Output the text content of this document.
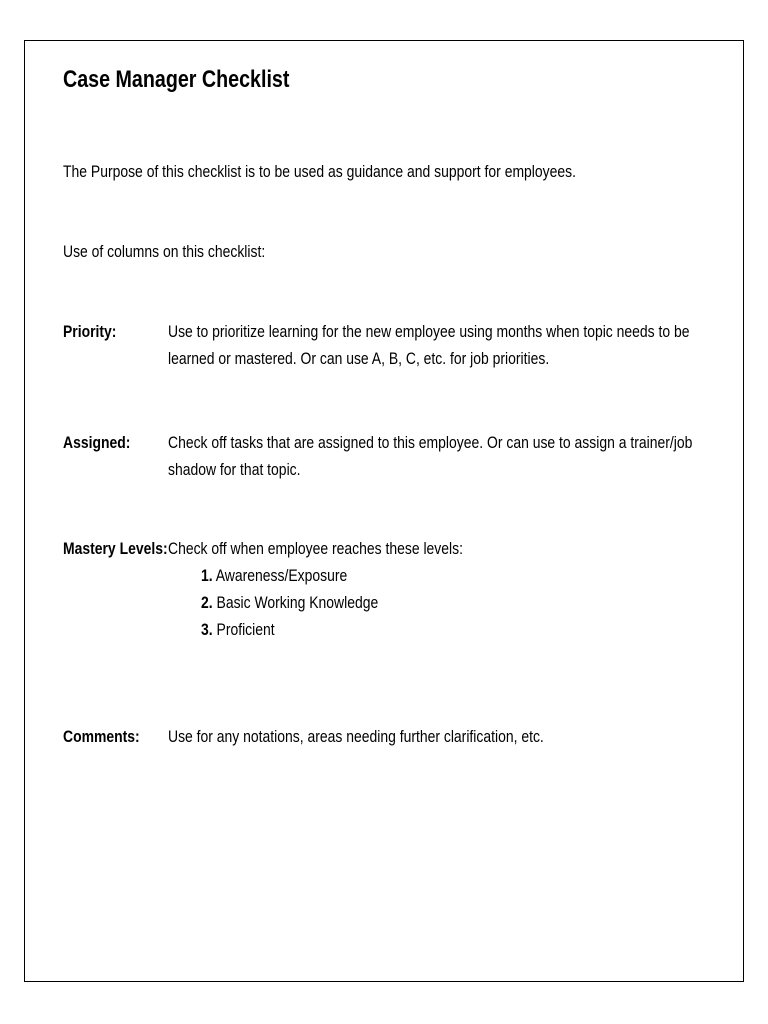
Case Manager Checklist
The Purpose of this checklist is to be used as guidance and support for employees.
Use of columns on this checklist:
Priority:	Use to prioritize learning for the new employee using months when topic needs to be
learned or mastered. Or can use A, B, C, etc. for job priorities.
Assigned:	Check off tasks that are assigned to this employee. Or can use to assign a trainer/job
shadow for that topic.
Mastery Levels: Check off when employee reaches these levels:
1. Awareness/Exposure
2. Basic Working Knowledge
3. Proficient
Comments:	Use for any notations, areas needing further clarification, etc.
